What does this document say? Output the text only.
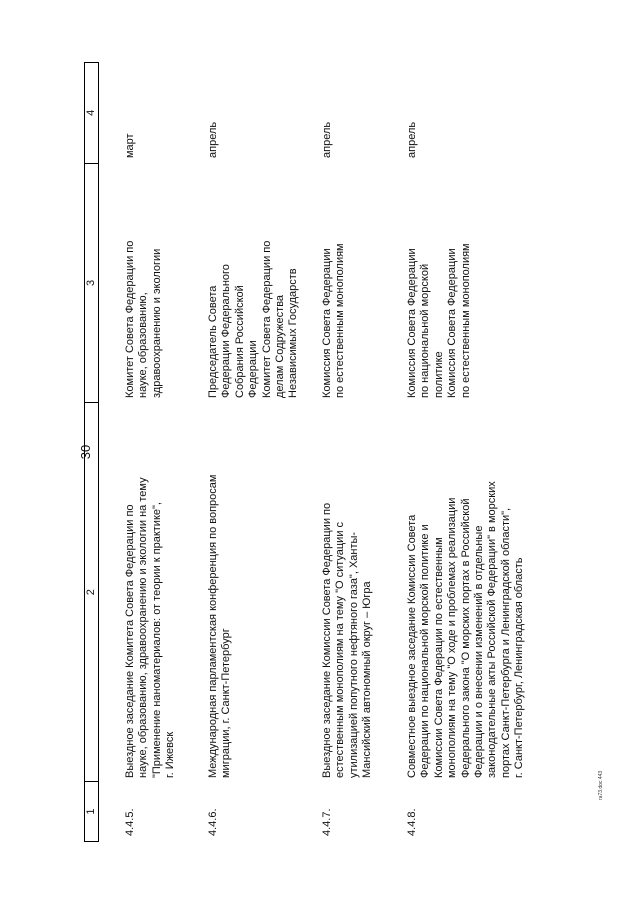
30
1
2
3
4
4.4.5.
Выездное заседание Комитета Совета Федерации по науке, образованию, здравоохранению и экологии на тему "Применение наноматериалов: от теории к практике", г. Ижевск
Комитет Совета Федерации по науке, образованию, здравоохранению и экологии
март
4.4.6.
Международная парламентская конференция по вопросам миграции, г. Санкт-Петербург
Председатель Совета Федерации Федерального Собрания Российской Федерации Комитет Совета Федерации по делам Содружества Независимых Государств
апрель
4.4.7.
Выездное заседание Комиссии Совета Федерации по естественным монополиям на тему "О ситуации с утилизацией попутного нефтяного газа", Ханты- Мансийский автономный округ – Югра
Комиссия Совета Федерации по естественным монополиям
апрель
4.4.8.
Совместное выездное заседание Комиссии Совета Федерации по национальной морской политике и Комиссии Совета Федерации по естественным монополиям на тему "О ходе и проблемах реализации Федерального закона "О морских портах в Российской Федерации и о внесении изменений в отдельные законодательные акты Российской Федерации" в морских портах Санкт-Петербурга и Ленинградской области", г. Санкт-Петербург, Ленинградская область
Комиссия Совета Федерации по национальной морской политике Комиссия Совета Федерации по естественным монополиям
апрель
ra73.doc 443
